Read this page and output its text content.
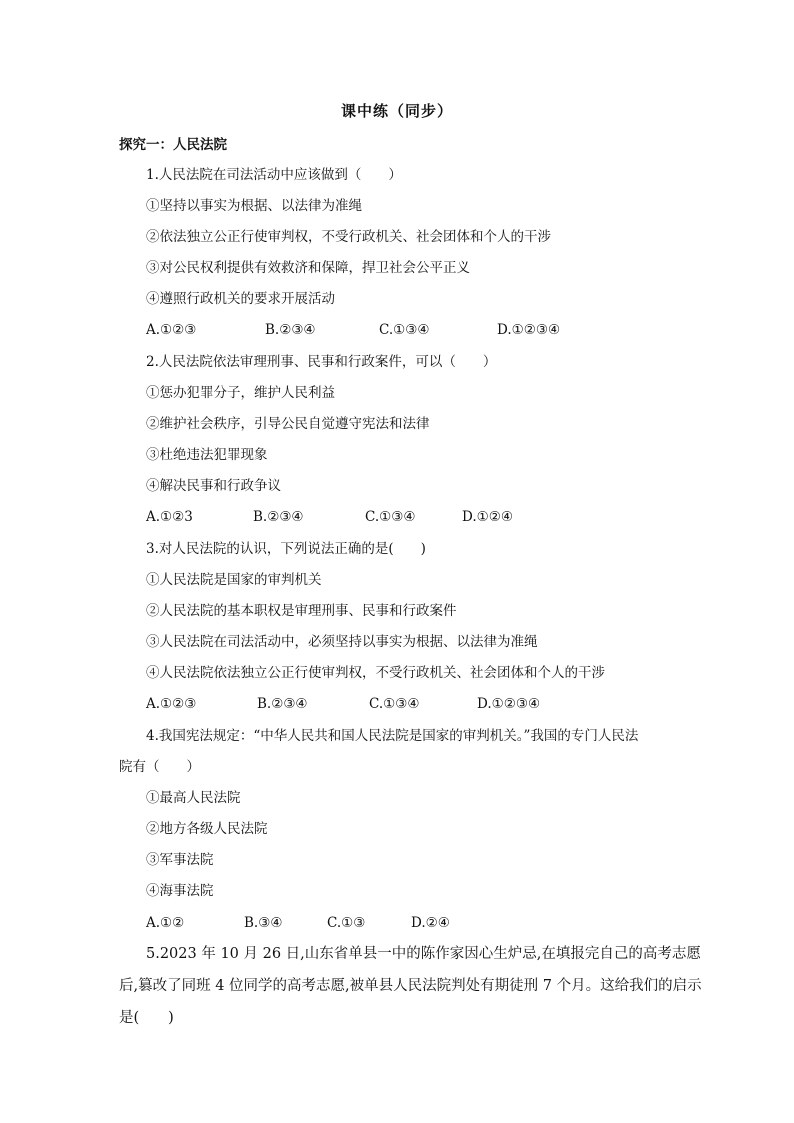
课中练（同步）
探究一：人民法院
1.人民法院在司法活动中应该做到（　　）
①坚持以事实为根据、以法律为准绳
②依法独立公正行使审判权，不受行政机关、社会团体和个人的干涉
③对公民权利提供有效救济和保障，捍卫社会公平正义
④遵照行政机关的要求开展活动
A.①②③	B.②③④	C.①③④	D.①②③④
2.人民法院依法审理刑事、民事和行政案件，可以（　　）
①惩办犯罪分子，维护人民利益
②维护社会秩序，引导公民自觉遵守宪法和法律
③杜绝违法犯罪现象
④解决民事和行政争议
A.①②3	B.②③④	C.①③④	D.①②④
3.对人民法院的认识，下列说法正确的是(　　)
①人民法院是国家的审判机关
②人民法院的基本职权是审理刑事、民事和行政案件
③人民法院在司法活动中，必须坚持以事实为根据、以法律为准绳
④人民法院依法独立公正行使审判权，不受行政机关、社会团体和个人的干涉
A.①②③	B.②③④	C.①③④	D.①②③④
4.我国宪法规定：“中华人民共和国人民法院是国家的审判机关。”我国的专门人民法
院有（　　）
①最高人民法院
②地方各级人民法院
③军事法院
④海事法院
A.①②	B.③④	C.①③	D.②④
5.2023 年 10 月 26 日,山东省单县一中的陈作家因心生炉忌,在填报完自己的高考志愿
后,篡改了同班 4 位同学的高考志愿,被单县人民法院判处有期徒刑 7 个月。这给我们的启示
是(　　)
